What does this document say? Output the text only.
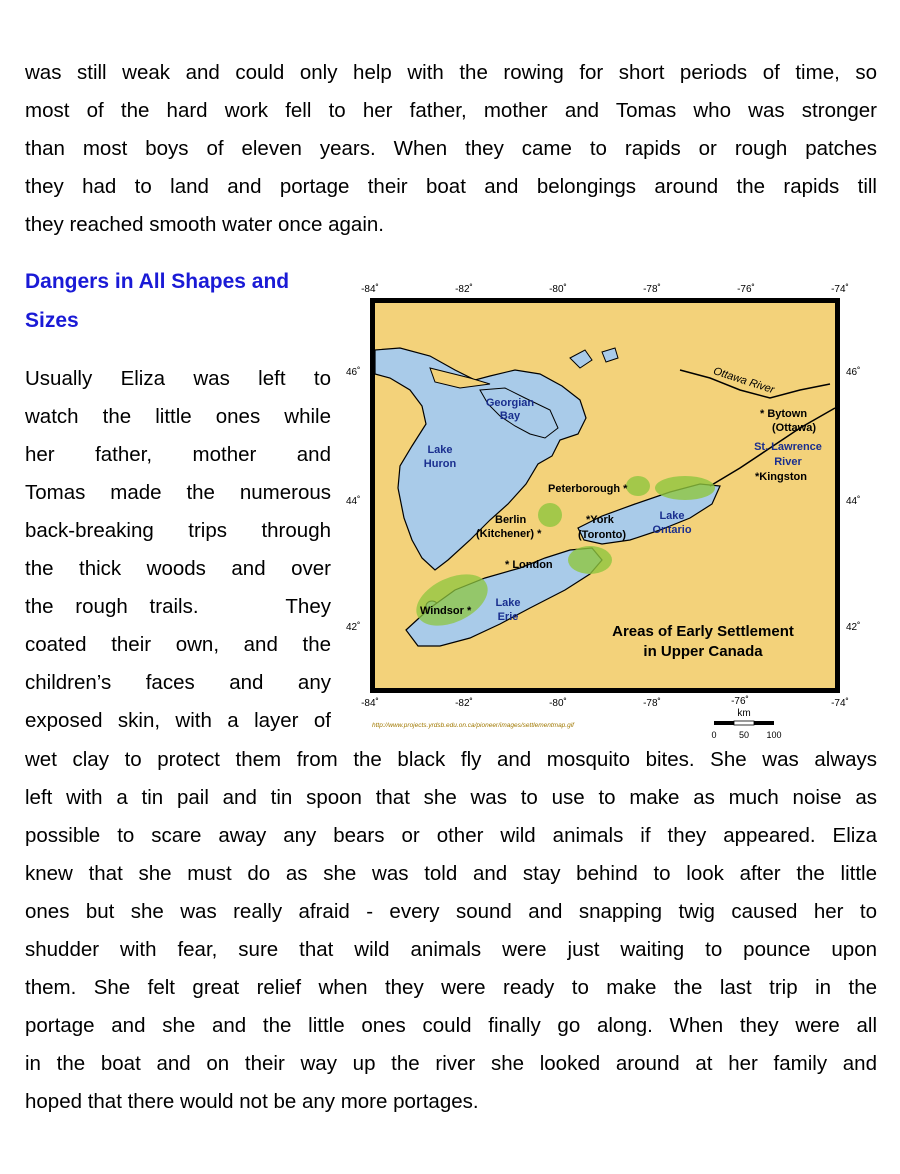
was still weak and could only help with the rowing for short periods of time, so
most of the hard work fell to her father, mother and Tomas who was stronger
than most boys of eleven years. When they came to rapids or rough patches
they had to land and portage their boat and belongings around the rapids till
they reached smooth water once again.
Dangers in All Shapes and
Sizes
Usually Eliza was left to
watch the little ones while
her father, mother and
Tomas made the numerous
back-breaking trips through
the thick woods and over
the rough trails.    They
coated their own, and the
children’s faces and any
exposed skin, with a layer of
-84˚	-82˚	-80˚	-78˚	-76˚	-74˚
-84˚	-82˚	-80˚	-78˚	-76˚	-74˚
46˚
44˚
42˚
46˚
44˚
42˚
Georgian
Bay
Lake
Huron
Lake
Ontario
Lake
Erie
St. Lawrence
River
Ottawa River
* Bytown
(Ottawa)
*Kingston
Peterborough *
Berlin
(Kitchener) *
*York
(Toronto)
* London
Windsor *
Areas of Early Settlement
in Upper Canada
http://www.projects.yrdsb.edu.on.ca/pioneer/images/settlementmap.gif
km
0 50 100
wet clay to protect them from the black fly and mosquito bites. She was always
left with a tin pail and tin spoon that she was to use to make as much noise as
possible to scare away any bears or other wild animals if they appeared. Eliza
knew that she must do as she was told and stay behind to look after the little
ones but she was really afraid - every sound and snapping twig caused her to
shudder with fear, sure that wild animals were just waiting to pounce upon
them. She felt great relief when they were ready to make the last trip in the
portage and she and the little ones could finally go along. When they were all
in the boat and on their way up the river she looked around at her family and
hoped that there would not be any more portages.
